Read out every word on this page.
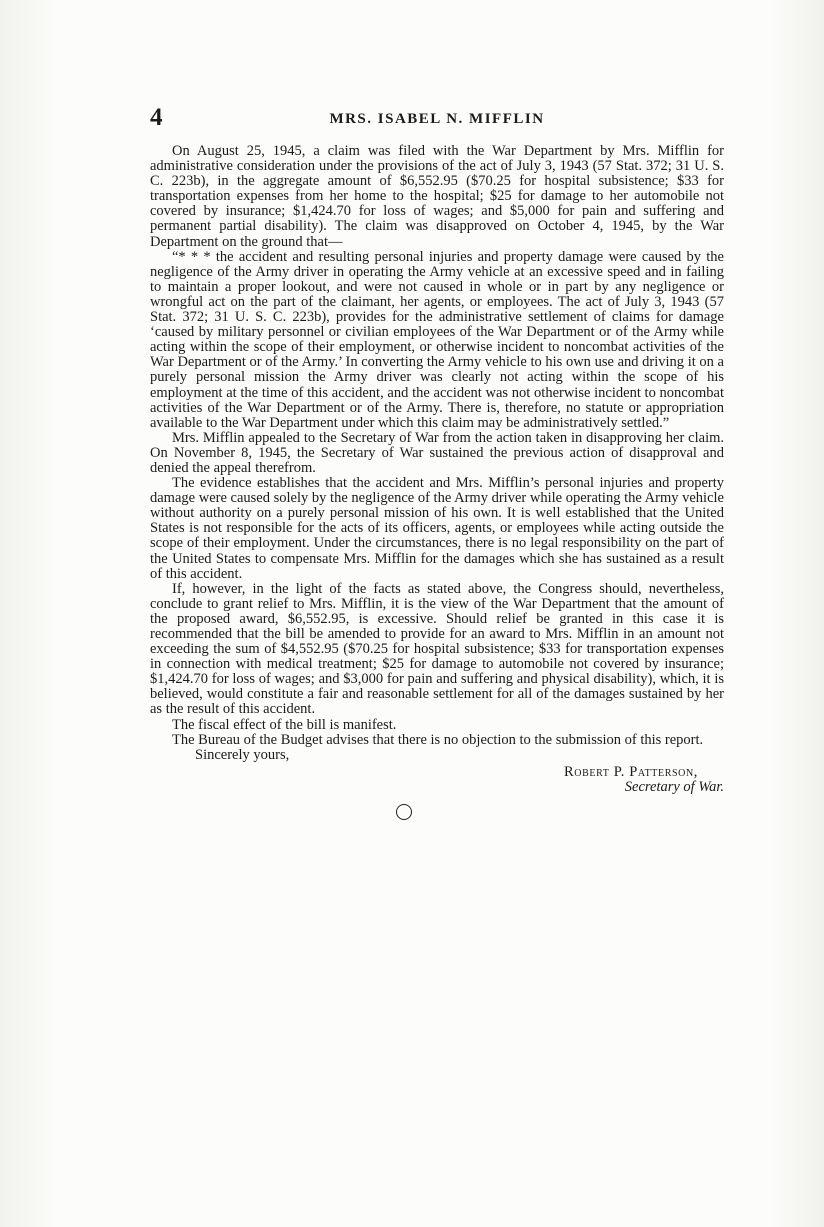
4	MRS. ISABEL N. MIFFLIN

On August 25, 1945, a claim was filed with the War Department by Mrs. Mifflin for administrative consideration under the provisions of the act of July 3, 1943 (57 Stat. 372; 31 U. S. C. 223b), in the aggregate amount of $6,552.95 ($70.25 for hospital subsistence; $33 for transportation expenses from her home to the hospital; $25 for damage to her automobile not covered by insurance; $1,424.70 for loss of wages; and $5,000 for pain and suffering and permanent partial disability). The claim was disapproved on October 4, 1945, by the War Department on the ground that—

“* * * the accident and resulting personal injuries and property damage were caused by the negligence of the Army driver in operating the Army vehicle at an excessive speed and in failing to maintain a proper lookout, and were not caused in whole or in part by any negligence or wrongful act on the part of the claimant, her agents, or employees. The act of July 3, 1943 (57 Stat. 372; 31 U. S. C. 223b), provides for the administrative settlement of claims for damage ‘caused by military personnel or civilian employees of the War Department or of the Army while acting within the scope of their employment, or otherwise incident to noncombat activities of the War Department or of the Army.’ In converting the Army vehicle to his own use and driving it on a purely personal mission the Army driver was clearly not acting within the scope of his employment at the time of this accident, and the accident was not otherwise incident to noncombat activities of the War Department or of the Army. There is, therefore, no statute or appropriation available to the War Department under which this claim may be administratively settled.”

Mrs. Mifflin appealed to the Secretary of War from the action taken in disapproving her claim. On November 8, 1945, the Secretary of War sustained the previous action of disapproval and denied the appeal therefrom.

The evidence establishes that the accident and Mrs. Mifflin’s personal injuries and property damage were caused solely by the negligence of the Army driver while operating the Army vehicle without authority on a purely personal mission of his own. It is well established that the United States is not responsible for the acts of its officers, agents, or employees while acting outside the scope of their employment. Under the circumstances, there is no legal responsibility on the part of the United States to compensate Mrs. Mifflin for the damages which she has sustained as a result of this accident.

If, however, in the light of the facts as stated above, the Congress should, nevertheless, conclude to grant relief to Mrs. Mifflin, it is the view of the War Department that the amount of the proposed award, $6,552.95, is excessive. Should relief be granted in this case it is recommended that the bill be amended to provide for an award to Mrs. Mifflin in an amount not exceeding the sum of $4,552.95 ($70.25 for hospital subsistence; $33 for transportation expenses in connection with medical treatment; $25 for damage to automobile not covered by insurance; $1,424.70 for loss of wages; and $3,000 for pain and suffering and physical disability), which, it is believed, would constitute a fair and reasonable settlement for all of the damages sustained by her as the result of this accident.

The fiscal effect of the bill is manifest.

The Bureau of the Budget advises that there is no objection to the submission of this report.

Sincerely yours,
Robert P. Patterson,
Secretary of War.
